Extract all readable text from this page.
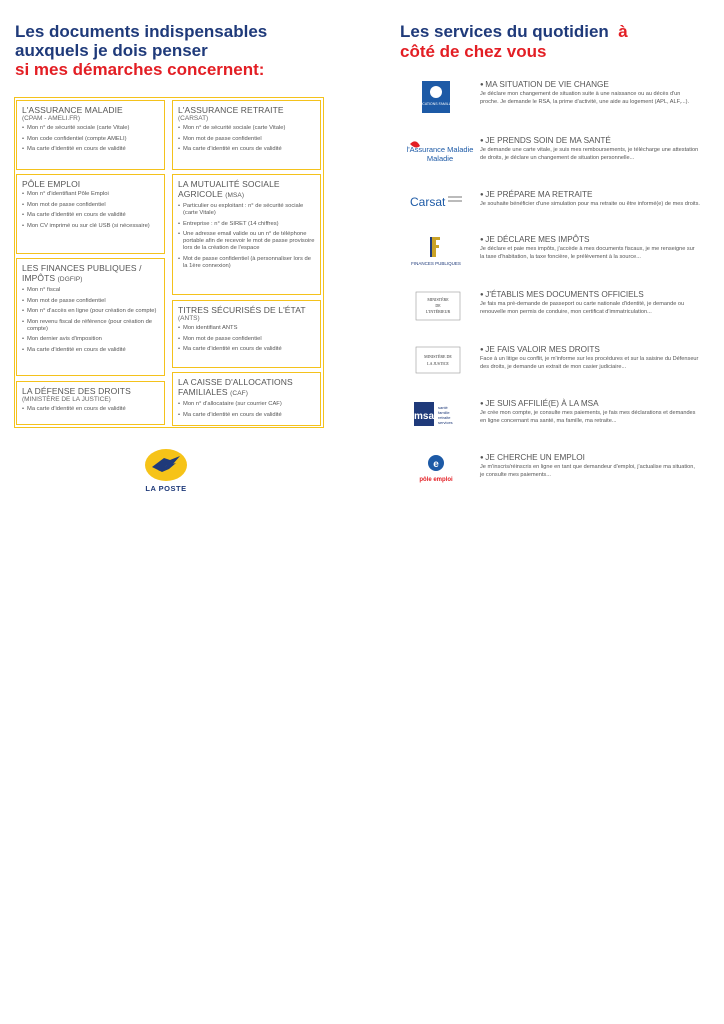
Les documents indispensables
auxquels je dois penser
si mes démarches concernent:
Les services du quotidien à
côté de chez vous
L'ASSURANCE MALADIE
(CPAM - AMELI.FR)
• Mon n° de sécurité sociale (carte Vitale)
• Mon code confidentiel (compte AMELI)
• Ma carte d'identité en cours de validité
PÔLE EMPLOI
• Mon n° d'identifiant Pôle Emploi
• Mon mot de passe confidentiel
• Ma carte d'identité en cours de validité
• Mon CV imprimé ou sur clé USB (si nécessaire)
LES FINANCES PUBLIQUES /
IMPÔTS (DGFIP)
• Mon n° fiscal
• Mon mot de passe confidentiel
• Mon n° d'accès en ligne (pour création de compte)
• Mon revenu fiscal de référence (pour création de compte)
• Mon dernier avis d'imposition
• Ma carte d'identité en cours de validité
LA DÉFENSE DES DROITS
(MINISTÈRE DE LA JUSTICE)
• Ma carte d'identité en cours de validité
L'ASSURANCE RETRAITE
(CARSAT)
• Mon n° de sécurité sociale (carte Vitale)
• Mon mot de passe confidentiel
• Ma carte d'identité en cours de validité
LA MUTUALITÉ SOCIALE
AGRICOLE (MSA)
• Particulier ou exploitant : n° de sécurité sociale (carte Vitale)
• Entreprise : n° de SIRET (14 chiffres)
• Une adresse email valide ou un n° de téléphone portable afin de recevoir le mot de passe provisoire lors de la création de l'espace
• Mot de passe confidentiel (à personnaliser lors de la 1ère connexion)
TITRES SÉCURISÉS DE L'ÉTAT
(ANTS)
• Mon identifiant ANTS
• Mon mot de passe confidentiel
• Ma carte d'identité en cours de validité
LA CAISSE D'ALLOCATIONS
FAMILIALES (CAF)
• Mon n° d'allocataire (sur courrier CAF)
• Ma carte d'identité en cours de validité
LA POSTE
ALLOCATIONS FAMILIALES
● MA SITUATION DE VIE CHANGE
Je déclare mon changement de situation suite à une naissance ou au décès d'un proche. Je demande le RSA, la prime d'activité, une aide au logement (APL, ALF,...).
l'Assurance Maladie
Maladie
● JE PRENDS SOIN DE MA SANTÉ
Je demande une carte vitale, je suis mes remboursements, je télécharge une attestation de droits, je déclare un changement de situation personnelle...
Carsat
● JE PRÉPARE MA RETRAITE
Je souhaite bénéficier d'une simulation pour ma retraite ou être informé(e) de mes droits.
FINANCES PUBLIQUES
● JE DÉCLARE MES IMPÔTS
Je déclare et paie mes impôts, j'accède à mes documents fiscaux, je me renseigne sur la taxe d'habitation, la taxe foncière, le prélèvement à la source...
MINISTÈRE
DE
L'INTÉRIEUR
● J'ÉTABLIS MES DOCUMENTS OFFICIELS
Je fais ma pré-demande de passeport ou carte nationale d'identité, je demande ou renouvelle mon permis de conduire, mon certificat d'immatriculation...
MINISTÈRE DE
LA JUSTICE
● JE FAIS VALOIR MES DROITS
Face à un litige ou conflit, je m'informe sur les procédures et sur la saisine du Défenseur des droits, je demande un extrait de mon casier judiciaire...
msa
santé
famille
retraite
services
● JE SUIS AFFILIÉ(E) À LA MSA
Je crée mon compte, je consulte mes paiements, je fais mes déclarations et demandes en ligne concernant ma santé, ma famille, ma retraite...
e
pôle emploi
● JE CHERCHE UN EMPLOI
Je m'inscris/réinscris en ligne en tant que demandeur d'emploi, j'actualise ma situation, je consulte mes paiements...
